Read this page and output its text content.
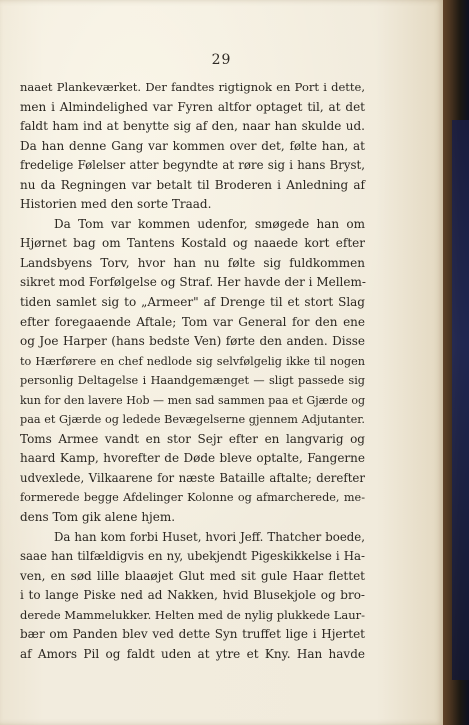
29
naaet Plankeværket. Der fandtes rigtignok en Port i dette,
men i Almindelighed var Fyren altfor optaget til, at det
faldt ham ind at benytte sig af den, naar han skulde ud.
Da han denne Gang var kommen over det, følte han, at
fredelige Følelser atter begyndte at røre sig i hans Bryst,
nu da Regningen var betalt til Broderen i Anledning af
Historien med den sorte Traad.
Da Tom var kommen udenfor, smøgede han om
Hjørnet bag om Tantens Kostald og naaede kort efter
Landsbyens Torv, hvor han nu følte sig fuldkommen
sikret mod Forfølgelse og Straf. Her havde der i Mellem-
tiden samlet sig to „Armeer" af Drenge til et stort Slag
efter foregaaende Aftale; Tom var General for den ene
og Joe Harper (hans bedste Ven) førte den anden. Disse
to Hærførere en chef nedlode sig selvfølgelig ikke til nogen
personlig Deltagelse i Haandgemænget — sligt passede sig
kun for den lavere Hob — men sad sammen paa et Gjærde og
paa et Gjærde og ledede Bevægelserne gjennem Adjutanter.
Toms Armee vandt en stor Sejr efter en langvarig og
haard Kamp, hvorefter de Døde bleve optalte, Fangerne
udvexlede, Vilkaarene for næste Bataille aftalte; derefter
formerede begge Afdelinger Kolonne og afmarcherede, me-
dens Tom gik alene hjem.
Da han kom forbi Huset, hvori Jeff. Thatcher boede,
saae han tilfældigvis en ny, ubekjendt Pigeskikkelse i Ha-
ven, en sød lille blaaøjet Glut med sit gule Haar flettet
i to lange Piske ned ad Nakken, hvid Blusekjole og bro-
derede Mammelukker. Helten med de nylig plukkede Laur-
bær om Panden blev ved dette Syn truffet lige i Hjertet
af Amors Pil og faldt uden at ytre et Kny. Han havde
